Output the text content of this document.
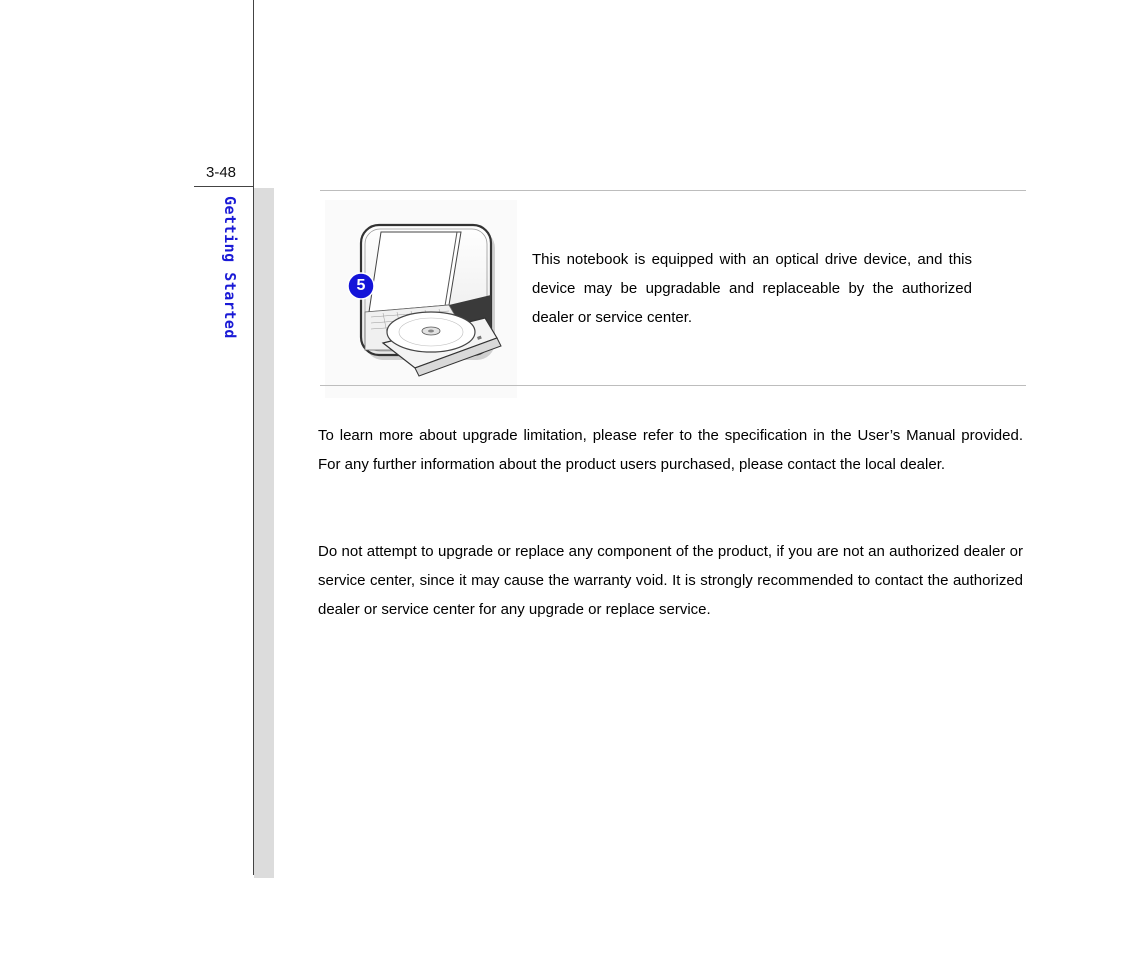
3-48
Getting Started	5
This notebook is equipped with an optical drive device, and this device may be upgradable and replaceable by the authorized dealer or service center.

To learn more about upgrade limitation, please refer to the specification in the User’s Manual provided. For any further information about the product users purchased, please contact the local dealer.

Do not attempt to upgrade or replace any component of the product, if you are not an authorized dealer or service center, since it may cause the warranty void. It is strongly recommended to contact the authorized dealer or service center for any upgrade or replace service.
